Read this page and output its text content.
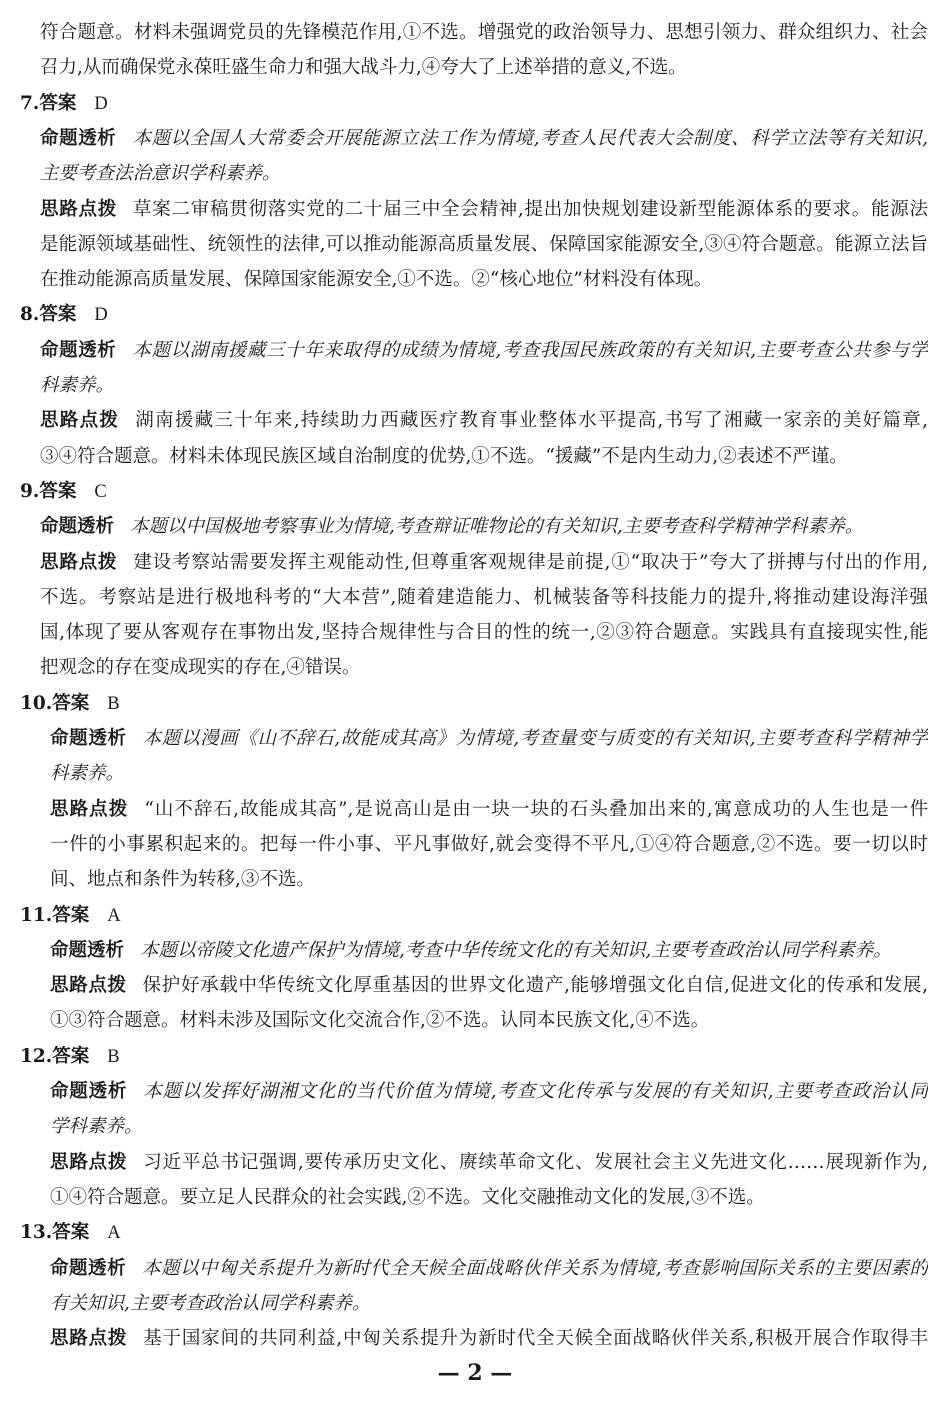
符合题意。材料未强调党员的先锋模范作用,①不选。增强党的政治领导力、思想引领力、群众组织力、社会
召力,从而确保党永葆旺盛生命力和强大战斗力,④夸大了上述举措的意义,不选。
7.答案 D
命题透析 本题以全国人大常委会开展能源立法工作为情境,考查人民代表大会制度、科学立法等有关知识,
主要考查法治意识学科素养。
思路点拨 草案二审稿贯彻落实党的二十届三中全会精神,提出加快规划建设新型能源体系的要求。能源法
是能源领域基础性、统领性的法律,可以推动能源高质量发展、保障国家能源安全,③④符合题意。能源立法旨
在推动能源高质量发展、保障国家能源安全,①不选。②“核心地位”材料没有体现。
8.答案 D
命题透析 本题以湖南援藏三十年来取得的成绩为情境,考查我国民族政策的有关知识,主要考查公共参与学
科素养。
思路点拨 湖南援藏三十年来,持续助力西藏医疗教育事业整体水平提高,书写了湘藏一家亲的美好篇章,
③④符合题意。材料未体现民族区域自治制度的优势,①不选。“援藏”不是内生动力,②表述不严谨。
9.答案 C
命题透析 本题以中国极地考察事业为情境,考查辩证唯物论的有关知识,主要考查科学精神学科素养。
思路点拨 建设考察站需要发挥主观能动性,但尊重客观规律是前提,①“取决于”夸大了拼搏与付出的作用,
不选。考察站是进行极地科考的“大本营”,随着建造能力、机械装备等科技能力的提升,将推动建设海洋强
国,体现了要从客观存在事物出发,坚持合规律性与合目的性的统一,②③符合题意。实践具有直接现实性,能
把观念的存在变成现实的存在,④错误。
10.答案 B
命题透析 本题以漫画《山不辞石,故能成其高》为情境,考查量变与质变的有关知识,主要考查科学精神学
科素养。
思路点拨 “山不辞石,故能成其高”,是说高山是由一块一块的石头叠加出来的,寓意成功的人生也是一件
一件的小事累积起来的。把每一件小事、平凡事做好,就会变得不平凡,①④符合题意,②不选。要一切以时
间、地点和条件为转移,③不选。
11.答案 A
命题透析 本题以帝陵文化遗产保护为情境,考查中华传统文化的有关知识,主要考查政治认同学科素养。
思路点拨 保护好承载中华传统文化厚重基因的世界文化遗产,能够增强文化自信,促进文化的传承和发展,
①③符合题意。材料未涉及国际文化交流合作,②不选。认同本民族文化,④不选。
12.答案 B
命题透析 本题以发挥好湖湘文化的当代价值为情境,考查文化传承与发展的有关知识,主要考查政治认同
学科素养。
思路点拨 习近平总书记强调,要传承历史文化、赓续革命文化、发展社会主义先进文化……展现新作为,
①④符合题意。要立足人民群众的社会实践,②不选。文化交融推动文化的发展,③不选。
13.答案 A
命题透析 本题以中匈关系提升为新时代全天候全面战略伙伴关系为情境,考查影响国际关系的主要因素的
有关知识,主要考查政治认同学科素养。
思路点拨 基于国家间的共同利益,中匈关系提升为新时代全天候全面战略伙伴关系,积极开展合作取得丰
— 2 —
